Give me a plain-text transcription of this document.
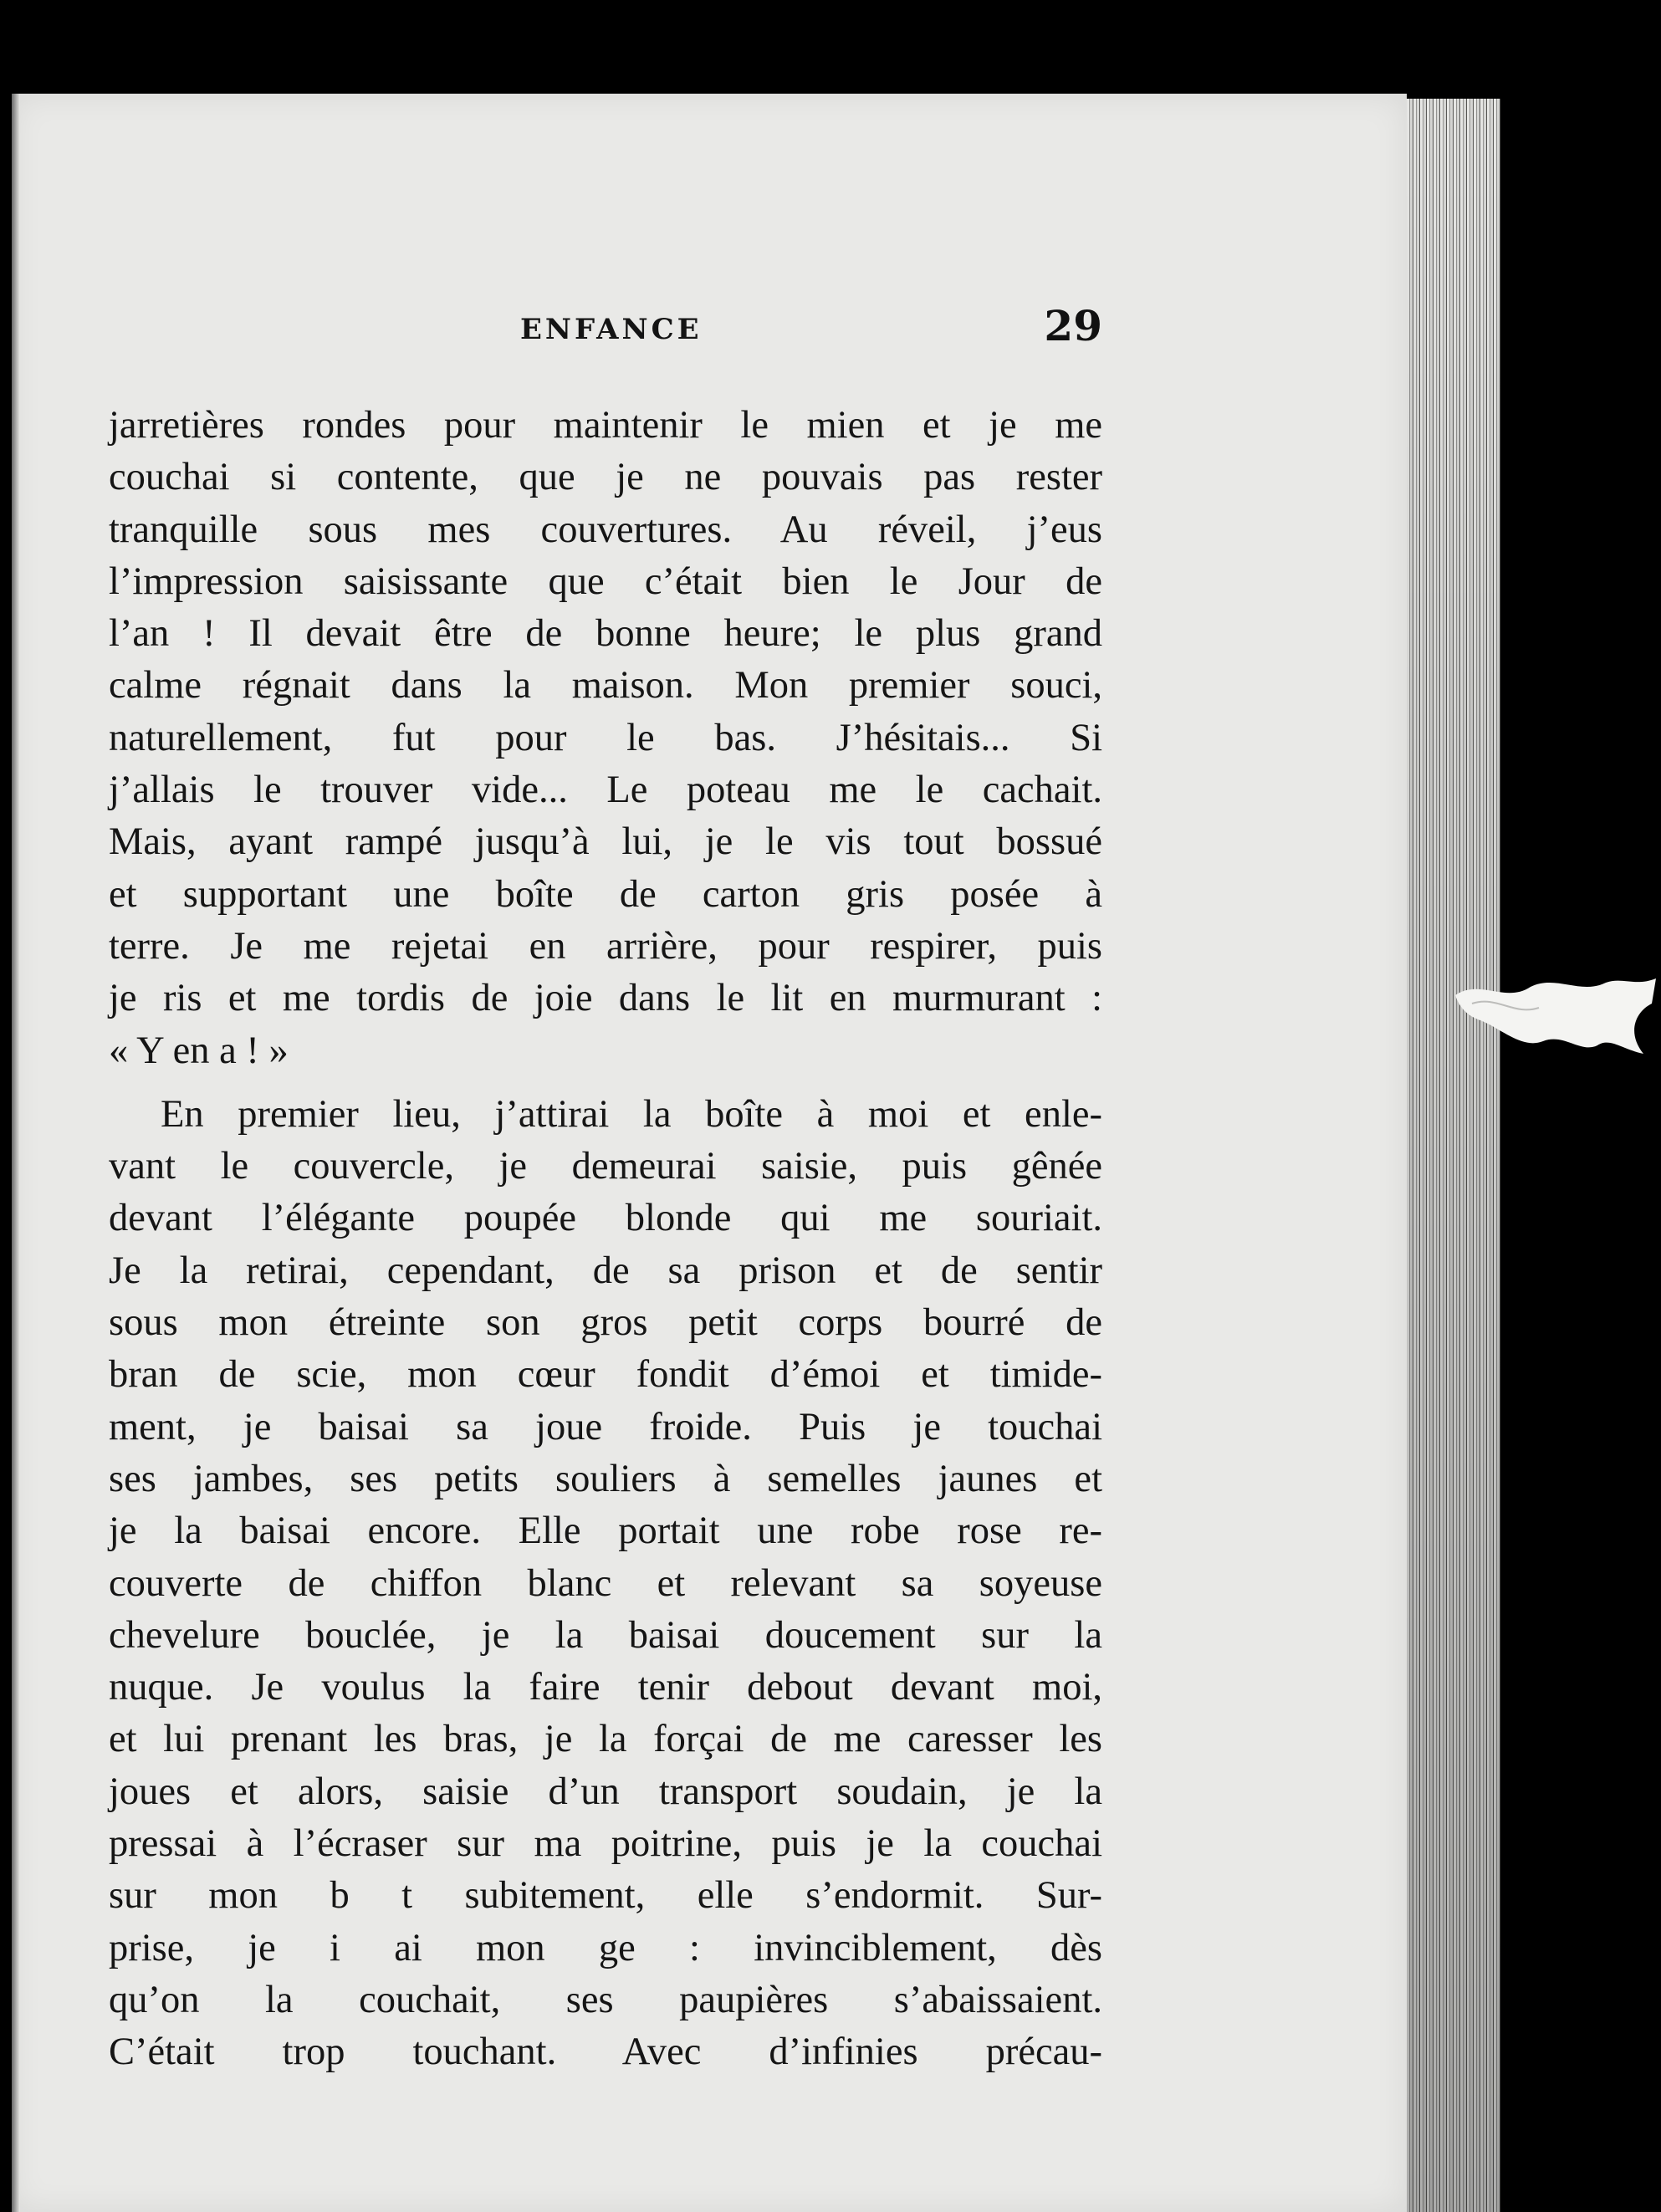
ENFANCE	29
jarretières rondes pour maintenir le mien et je me
couchai si contente, que je ne pouvais pas rester
tranquille sous mes couvertures. Au réveil, j’eus
l’impression saisissante que c’était bien le Jour de
l’an ! Il devait être de bonne heure; le plus grand
calme régnait dans la maison. Mon premier souci,
naturellement, fut pour le bas. J’hésitais... Si
j’allais le trouver vide... Le poteau me le cachait.
Mais, ayant rampé jusqu’à lui, je le vis tout bossué
et supportant une boîte de carton gris posée à
terre. Je me rejetai en arrière, pour respirer, puis
je ris et me tordis de joie dans le lit en murmurant :
« Y en a ! »
En premier lieu, j’attirai la boîte à moi et enle-
vant le couvercle, je demeurai saisie, puis gênée
devant l’élégante poupée blonde qui me souriait.
Je la retirai, cependant, de sa prison et de sentir
sous mon étreinte son gros petit corps bourré de
bran de scie, mon cœur fondit d’émoi et timide-
ment, je baisai sa joue froide. Puis je touchai
ses jambes, ses petits souliers à semelles jaunes et
je la baisai encore. Elle portait une robe rose re-
couverte de chiffon blanc et relevant sa soyeuse
chevelure bouclée, je la baisai doucement sur la
nuque. Je voulus la faire tenir debout devant moi,
et lui prenant les bras, je la forçai de me caresser les
joues et alors, saisie d’un transport soudain, je la
pressai à l’écraser sur ma poitrine, puis je la couchai
sur mon b t subitement, elle s’endormit. Sur-
prise, je i ai mon ge : invinciblement, dès
qu’on la couchait, ses paupières s’abaissaient.
C’était trop touchant. Avec d’infinies précau-
